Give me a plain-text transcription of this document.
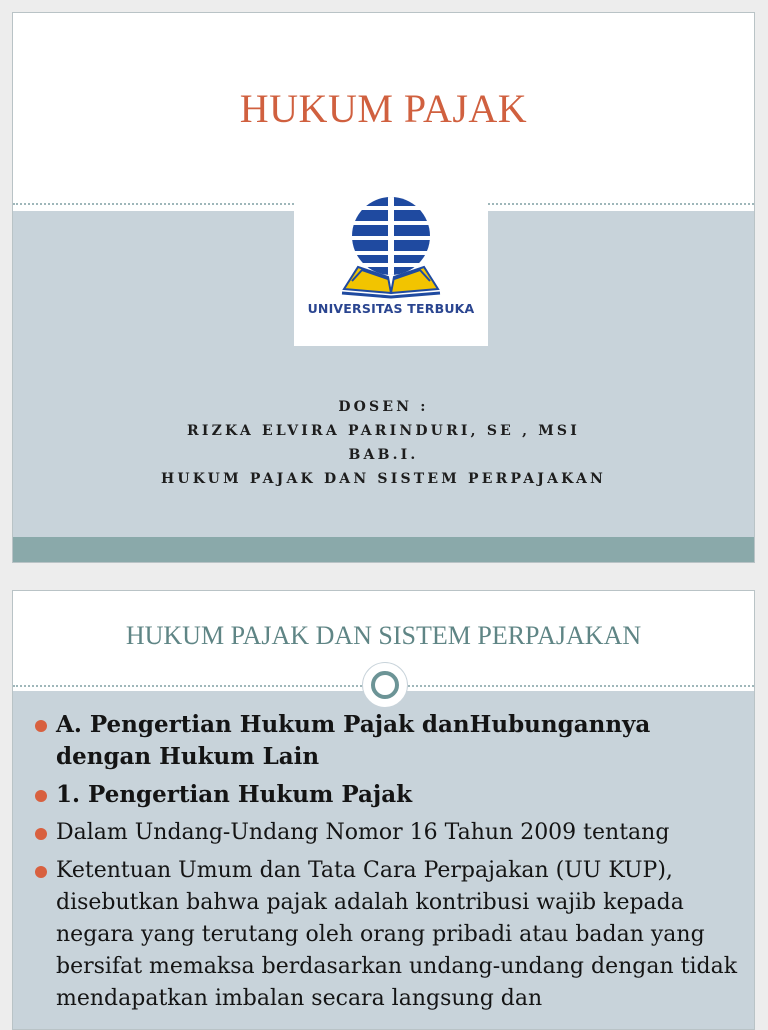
HUKUM PAJAK
UNIVERSITAS TERBUKA
DOSEN :
RIZKA ELVIRA PARINDURI, SE , MSI
BAB.I.
HUKUM PAJAK DAN SISTEM PERPAJAKAN
HUKUM PAJAK DAN SISTEM PERPAJAKAN
A. Pengertian Hukum Pajak danHubungannya dengan Hukum Lain
1. Pengertian Hukum Pajak
Dalam Undang-Undang Nomor 16 Tahun 2009 tentang
Ketentuan Umum dan Tata Cara Perpajakan (UU KUP), disebutkan bahwa pajak adalah kontribusi wajib kepada negara yang terutang oleh orang pribadi atau badan yang bersifat memaksa berdasarkan undang-undang dengan tidak mendapatkan imbalan secara langsung dan
